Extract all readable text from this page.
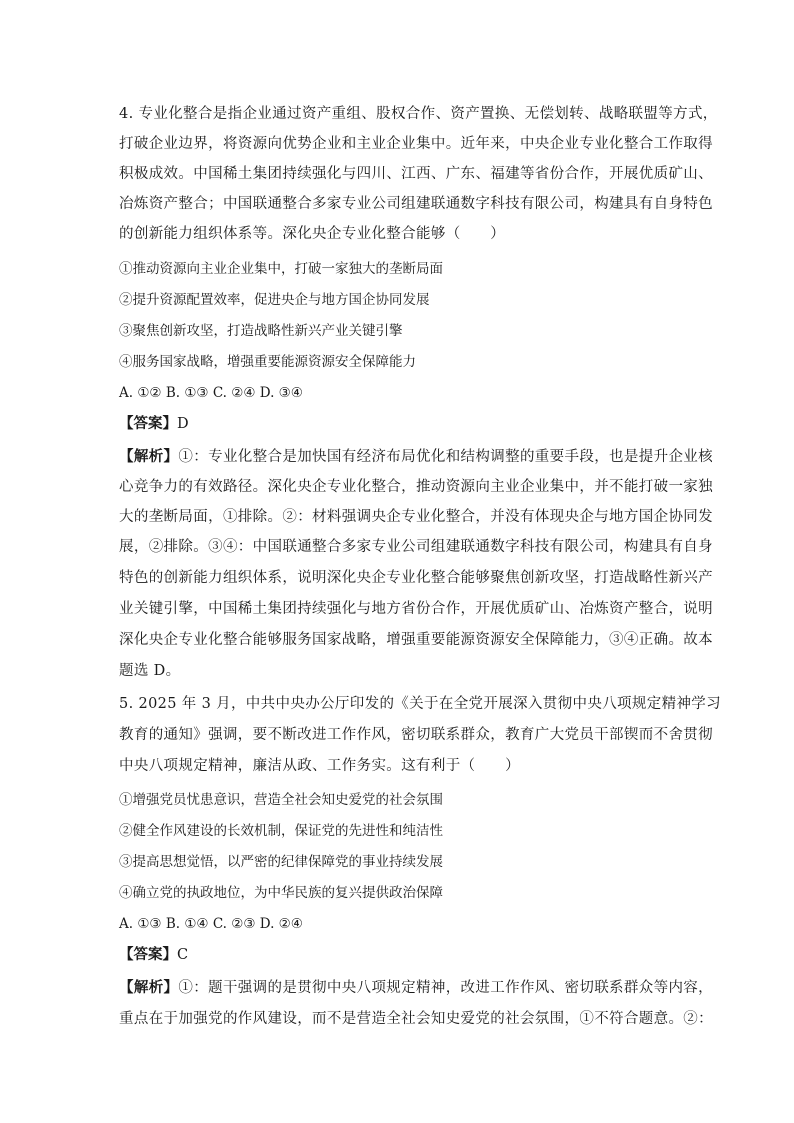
4. 专业化整合是指企业通过资产重组、股权合作、资产置换、无偿划转、战略联盟等方式，
打破企业边界，将资源向优势企业和主业企业集中。近年来，中央企业专业化整合工作取得
积极成效。中国稀土集团持续强化与四川、江西、广东、福建等省份合作，开展优质矿山、
冶炼资产整合；中国联通整合多家专业公司组建联通数字科技有限公司，构建具有自身特色
的创新能力组织体系等。深化央企专业化整合能够（　　）
①推动资源向主业企业集中，打破一家独大的垄断局面
②提升资源配置效率，促进央企与地方国企协同发展
③聚焦创新攻坚，打造战略性新兴产业关键引擎
④服务国家战略，增强重要能源资源安全保障能力
A. ①② B. ①③ C. ②④ D. ③④
【答案】D
【解析】①：专业化整合是加快国有经济布局优化和结构调整的重要手段，也是提升企业核
心竞争力的有效路径。深化央企专业化整合，推动资源向主业企业集中，并不能打破一家独
大的垄断局面，①排除。②：材料强调央企专业化整合，并没有体现央企与地方国企协同发
展，②排除。③④：中国联通整合多家专业公司组建联通数字科技有限公司，构建具有自身
特色的创新能力组织体系，说明深化央企专业化整合能够聚焦创新攻坚，打造战略性新兴产
业关键引擎，中国稀土集团持续强化与地方省份合作，开展优质矿山、冶炼资产整合，说明
深化央企专业化整合能够服务国家战略，增强重要能源资源安全保障能力，③④正确。故本
题选 D。
5. 2025 年 3 月，中共中央办公厅印发的《关于在全党开展深入贯彻中央八项规定精神学习
教育的通知》强调，要不断改进工作作风，密切联系群众，教育广大党员干部锲而不舍贯彻
中央八项规定精神，廉洁从政、工作务实。这有利于（　　）
①增强党员忧患意识，营造全社会知史爱党的社会氛围
②健全作风建设的长效机制，保证党的先进性和纯洁性
③提高思想觉悟，以严密的纪律保障党的事业持续发展
④确立党的执政地位，为中华民族的复兴提供政治保障
A. ①③ B. ①④ C. ②③ D. ②④
【答案】C
【解析】①：题干强调的是贯彻中央八项规定精神，改进工作作风、密切联系群众等内容，
重点在于加强党的作风建设，而不是营造全社会知史爱党的社会氛围，①不符合题意。②：
